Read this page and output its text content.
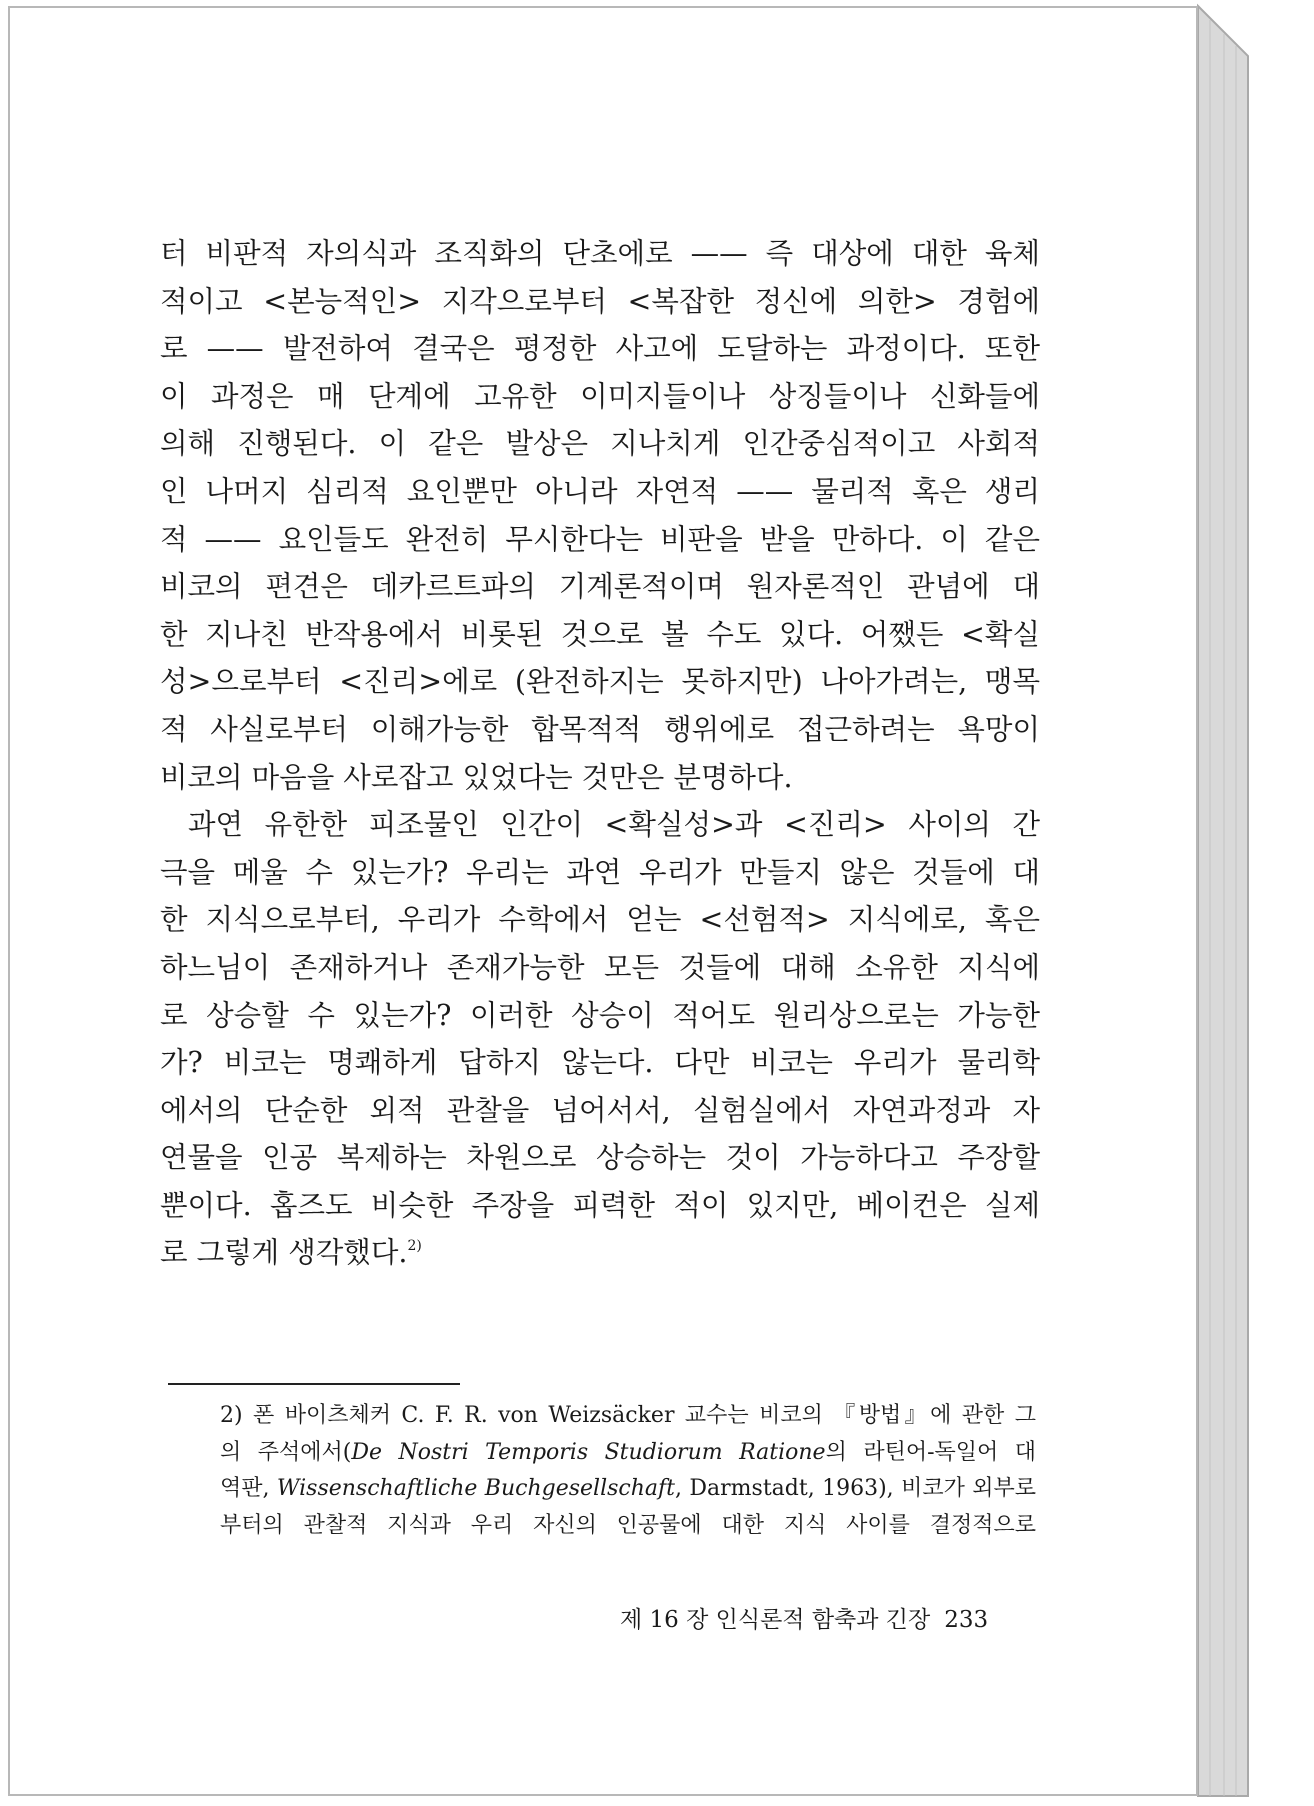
터 비판적 자의식과 조직화의 단초에로 —— 즉 대상에 대한 육체
적이고 <본능적인> 지각으로부터 <복잡한 정신에 의한> 경험에
로 —— 발전하여 결국은 평정한 사고에 도달하는 과정이다. 또한
이 과정은 매 단계에 고유한 이미지들이나 상징들이나 신화들에
의해 진행된다. 이 같은 발상은 지나치게 인간중심적이고 사회적
인 나머지 심리적 요인뿐만 아니라 자연적 —— 물리적 혹은 생리
적 —— 요인들도 완전히 무시한다는 비판을 받을 만하다. 이 같은
비코의 편견은 데카르트파의 기계론적이며 원자론적인 관념에 대
한 지나친 반작용에서 비롯된 것으로 볼 수도 있다. 어쨌든 <확실
성>으로부터 <진리>에로 (완전하지는 못하지만) 나아가려는, 맹목
적 사실로부터 이해가능한 합목적적 행위에로 접근하려는 욕망이
비코의 마음을 사로잡고 있었다는 것만은 분명하다.
과연 유한한 피조물인 인간이 <확실성>과 <진리> 사이의 간
극을 메울 수 있는가? 우리는 과연 우리가 만들지 않은 것들에 대
한 지식으로부터, 우리가 수학에서 얻는 <선험적> 지식에로, 혹은
하느님이 존재하거나 존재가능한 모든 것들에 대해 소유한 지식에
로 상승할 수 있는가? 이러한 상승이 적어도 원리상으로는 가능한
가? 비코는 명쾌하게 답하지 않는다. 다만 비코는 우리가 물리학
에서의 단순한 외적 관찰을 넘어서서, 실험실에서 자연과정과 자
연물을 인공 복제하는 차원으로 상승하는 것이 가능하다고 주장할
뿐이다. 홉즈도 비슷한 주장을 피력한 적이 있지만, 베이컨은 실제
로 그렇게 생각했다.$^{2)}$
2) 폰 바이츠체커 C. F. R. von Weizsäcker 교수는 비코의 『방법』에 관한 그
의 주석에서(De Nostri Temporis Studiorum Ratione의 라틴어-독일어 대
역판, Wissenschaftliche Buchgesellschaft, Darmstadt, 1963), 비코가 외부로
부터의 관찰적 지식과 우리 자신의 인공물에 대한 지식 사이를 결정적으로
제 16 장 인식론적 함축과 긴장 233
